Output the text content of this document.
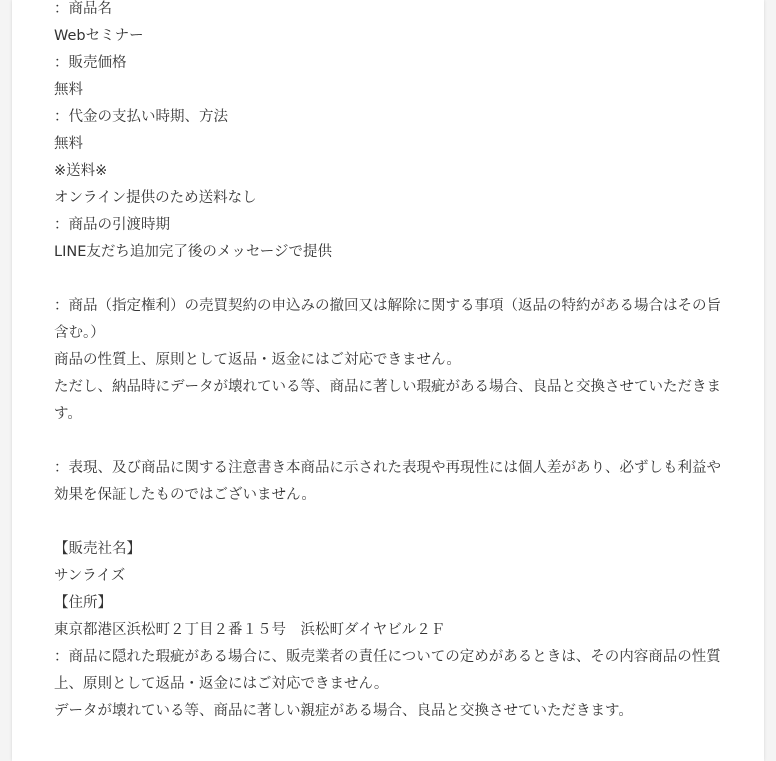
：商品名
Webセミナー
：販売価格
無料
：代金の支払い時期、方法
無料
※送料※
オンライン提供のため送料なし
：商品の引渡時期
LINE友だち追加完了後のメッセージで提供
：商品（指定権利）の売買契約の申込みの撤回又は解除に関する事項（返品の特約がある場合はその旨含む。）
商品の性質上、原則として返品・返金にはご対応できません。
ただし、納品時にデータが壊れている等、商品に著しい瑕疵がある場合、良品と交換させていただきます。
：表現、及び商品に関する注意書き本商品に示された表現や再現性には個人差があり、必ずしも利益や効果を保証したものではございません。
【販売社名】
サンライズ
【住所】
東京都港区浜松町２丁目２番１５号　浜松町ダイヤビル２Ｆ
：商品に隠れた瑕疵がある場合に、販売業者の責任についての定めがあるときは、その内容商品の性質上、原則として返品・返金にはご対応できません。
データが壊れている等、商品に著しい親症がある場合、良品と交換させていただきます。
